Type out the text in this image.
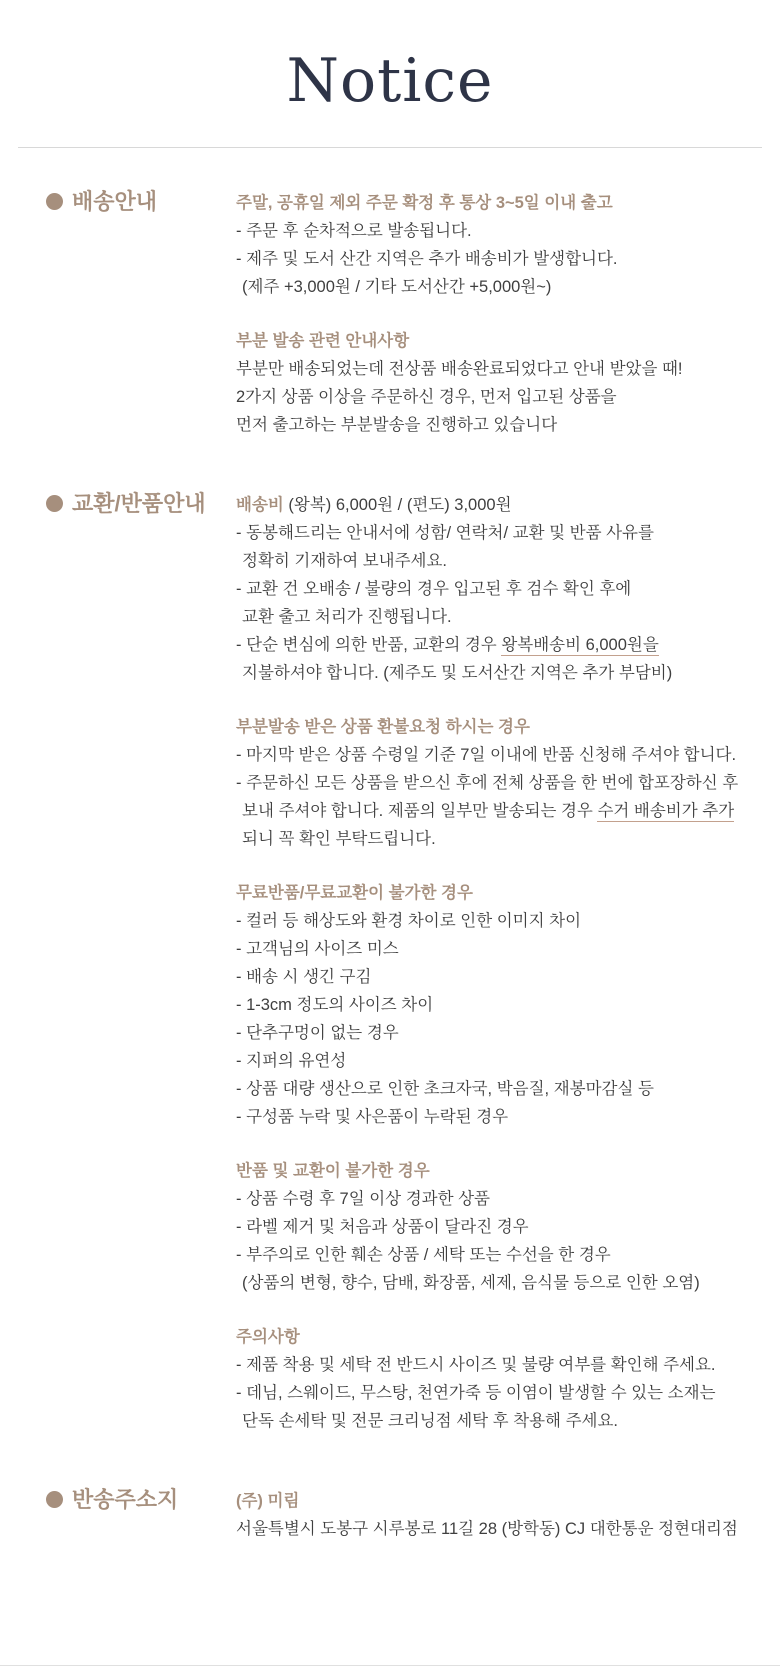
Notice
배송안내	주말, 공휴일 제외 주문 확정 후 통상 3~5일 이내 출고

- 주문 후 순차적으로 발송됩니다.

- 제주 및 도서 산간 지역은 추가 배송비가 발생합니다.

(제주 +3,000원 / 기타 도서산간 +5,000원~)

부분 발송 관련 안내사항

부분만 배송되었는데 전상품 배송완료되었다고 안내 받았을 때!

2가지 상품 이상을 주문하신 경우, 먼저 입고된 상품을

먼저 출고하는 부분발송을 진행하고 있습니다

교환/반품안내 배송비 (왕복) 6,000원 / (편도) 3,000원

- 동봉해드리는 안내서에 성함/ 연락처/ 교환 및 반품 사유를

정확히 기재하여 보내주세요.

- 교환 건 오배송 / 불량의 경우 입고된 후 검수 확인 후에

교환 출고 처리가 진행됩니다.

- 단순 변심에 의한 반품, 교환의 경우 왕복배송비 6,000원을

지불하셔야 합니다. (제주도 및 도서산간 지역은 추가 부담비)

부분발송 받은 상품 환불요청 하시는 경우

- 마지막 받은 상품 수령일 기준 7일 이내에 반품 신청해 주셔야 합니다.

- 주문하신 모든 상품을 받으신 후에 전체 상품을 한 번에 합포장하신 후

보내 주셔야 합니다. 제품의 일부만 발송되는 경우 수거 배송비가 추가

되니 꼭 확인 부탁드립니다.

무료반품/무료교환이 불가한 경우

- 컬러 등 해상도와 환경 차이로 인한 이미지 차이

- 고객님의 사이즈 미스

- 배송 시 생긴 구김

- 1-3cm 정도의 사이즈 차이

- 단추구멍이 없는 경우

- 지퍼의 유연성

- 상품 대량 생산으로 인한 초크자국, 박음질, 재봉마감실 등

- 구성품 누락 및 사은품이 누락된 경우

반품 및 교환이 불가한 경우

- 상품 수령 후 7일 이상 경과한 상품

- 라벨 제거 및 처음과 상품이 달라진 경우

- 부주의로 인한 훼손 상품 / 세탁 또는 수선을 한 경우

(상품의 변형, 향수, 담배, 화장품, 세제, 음식물 등으로 인한 오염)

주의사항

- 제품 착용 및 세탁 전 반드시 사이즈 및 불량 여부를 확인해 주세요.

- 데님, 스웨이드, 무스탕, 천연가죽 등 이염이 발생할 수 있는 소재는

단독 손세탁 및 전문 크리닝점 세탁 후 착용해 주세요.

반송주소지	(주) 미림

서울특별시 도봉구 시루봉로 11길 28 (방학동) CJ 대한통운 정현대리점
